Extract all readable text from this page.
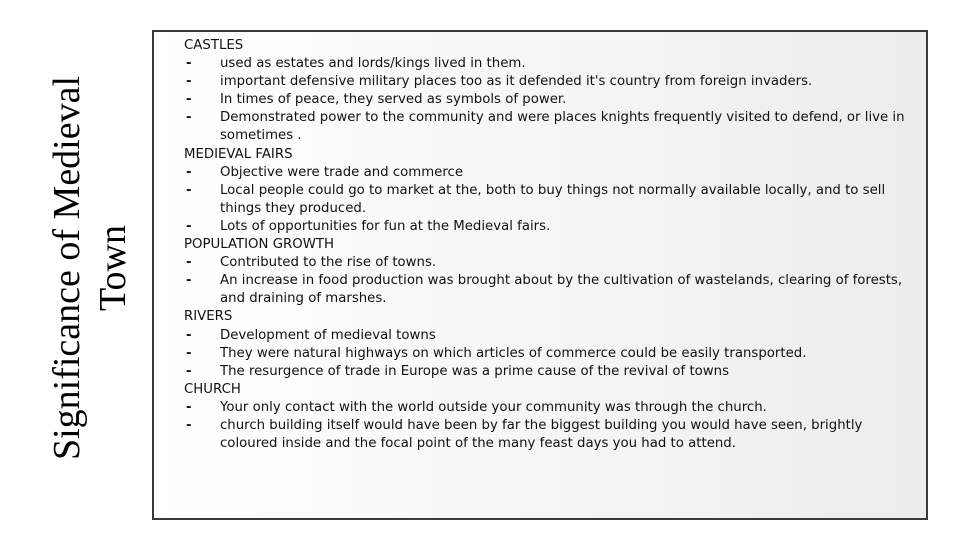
Significance of Medieval Town
CASTLES
- used as estates and lords/kings lived in them.
- important defensive military places too as it defended it's country from foreign invaders.
- In times of peace, they served as symbols of power.
- Demonstrated power to the community and were places knights frequently visited to defend, or live in sometimes .
MEDIEVAL FAIRS
- Objective were trade and commerce
- Local people could go to market at the, both to buy things not normally available locally, and to sell things they produced.
- Lots of opportunities for fun at the Medieval fairs.
POPULATION GROWTH
- Contributed to the rise of towns.
- An increase in food production was brought about by the cultivation of wastelands, clearing of forests, and draining of marshes.
RIVERS
- Development of medieval towns
- They were natural highways on which articles of commerce could be easily transported.
- The resurgence of trade in Europe was a prime cause of the revival of towns
CHURCH
- Your only contact with the world outside your community was through the church.
- church building itself would have been by far the biggest building you would have seen, brightly coloured inside and the focal point of the many feast days you had to attend.
